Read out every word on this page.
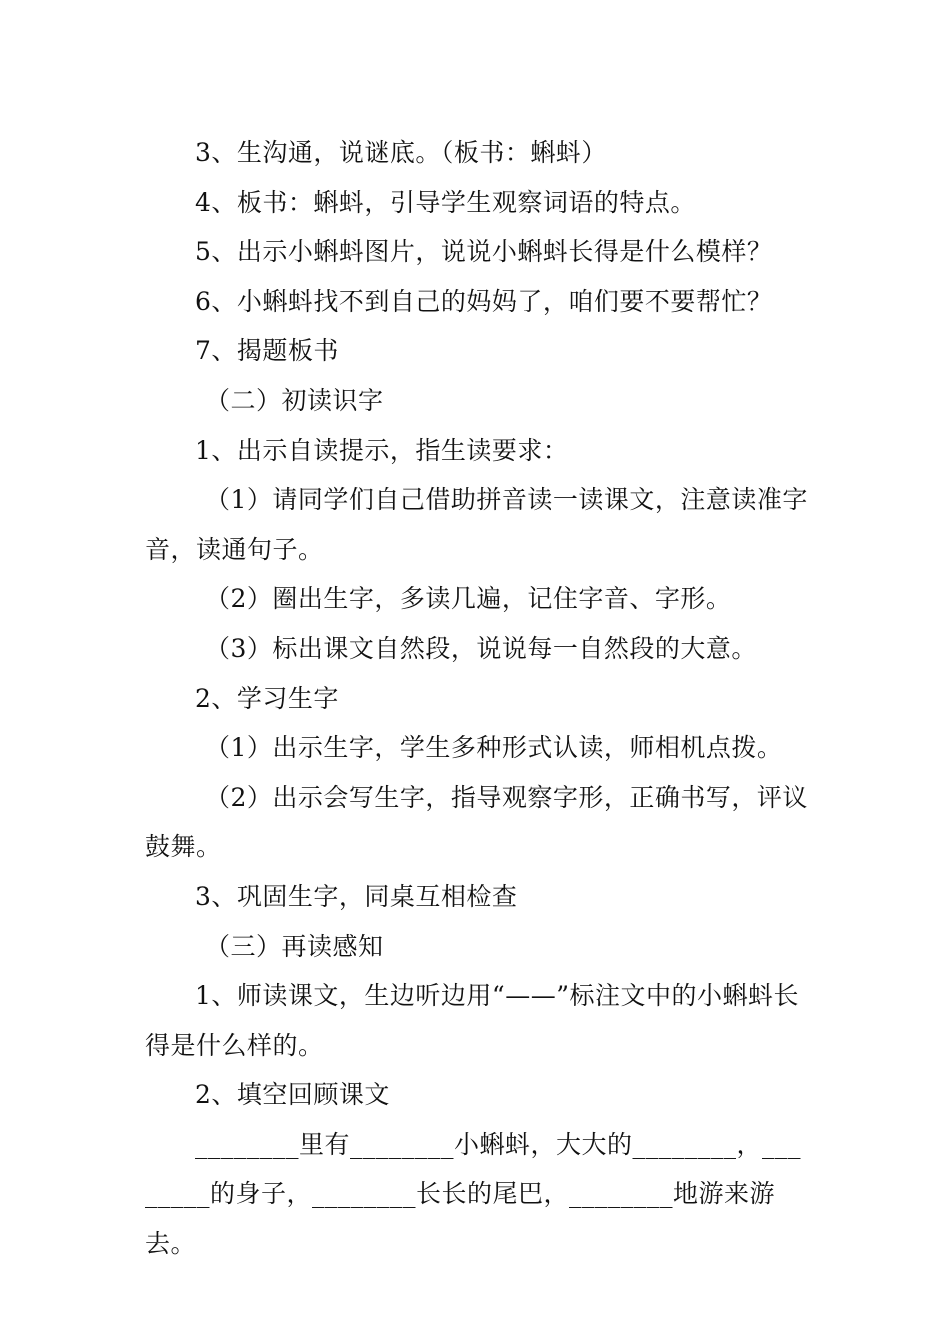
3、生沟通，说谜底。（板书：蝌蚪）

4、板书：蝌蚪，引导学生观察词语的特点。

5、出示小蝌蚪图片，说说小蝌蚪长得是什么模样？

6、小蝌蚪找不到自己的妈妈了，咱们要不要帮忙？

7、揭题板书

（二）初读识字

1、出示自读提示，指生读要求：

（1）请同学们自己借助拼音读一读课文，注意读准字音，读通句子。

（2）圈出生字，多读几遍，记住字音、字形。

（3）标出课文自然段，说说每一自然段的大意。

2、学习生字

（1）出示生字，学生多种形式认读，师相机点拨。

（2）出示会写生字，指导观察字形，正确书写，评议鼓舞。

3、巩固生字，同桌互相检查

（三）再读感知

1、师读课文，生边听边用“——”标注文中的小蝌蚪长得是什么样的。

2、填空回顾课文

________里有________小蝌蚪，大大的________，________的身子，________长长的尾巴，________地游来游去。
